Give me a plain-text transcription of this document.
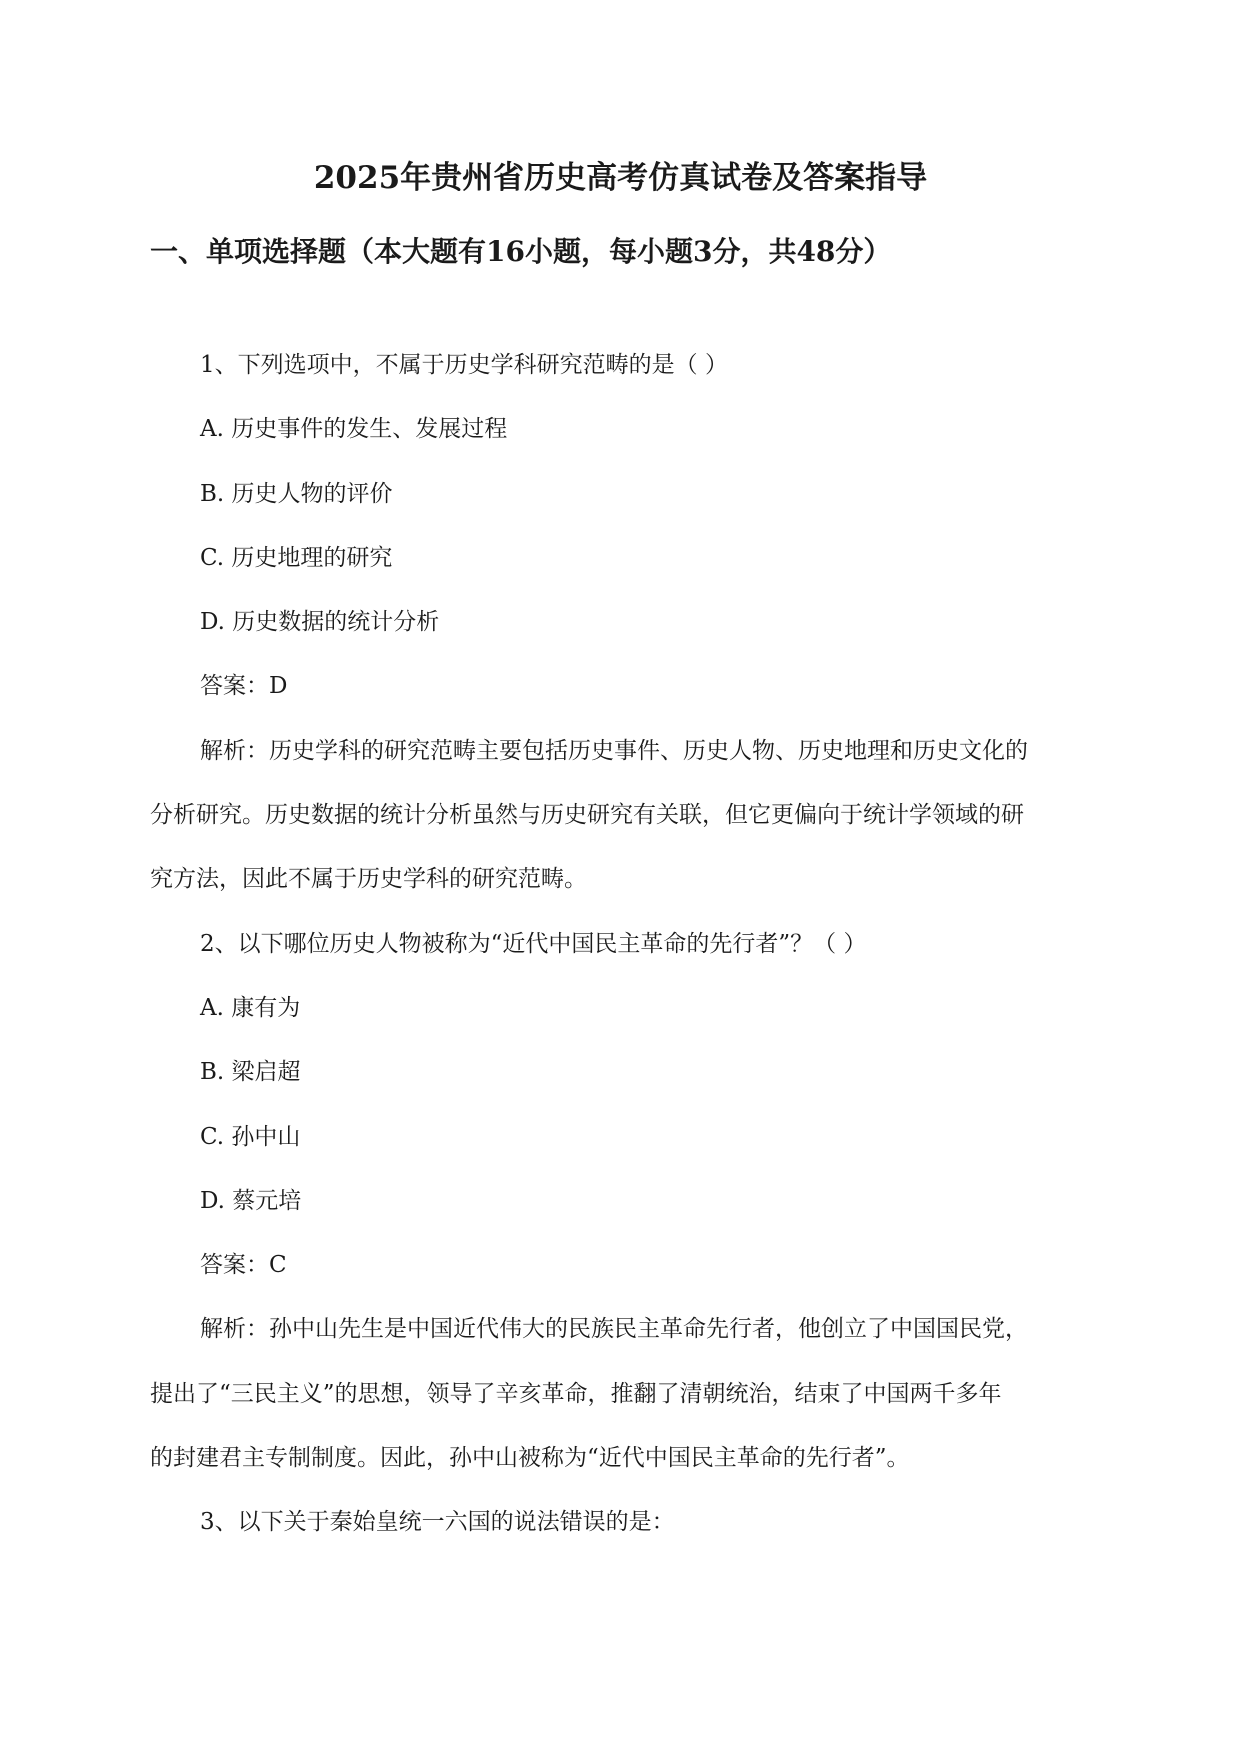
2025年贵州省历史高考仿真试卷及答案指导
一、单项选择题（本大题有16小题，每小题3分，共48分）
1、下列选项中，不属于历史学科研究范畴的是（ ）
A. 历史事件的发生、发展过程
B. 历史人物的评价
C. 历史地理的研究
D. 历史数据的统计分析
答案：D
解析：历史学科的研究范畴主要包括历史事件、历史人物、历史地理和历史文化的
分析研究。历史数据的统计分析虽然与历史研究有关联，但它更偏向于统计学领域的研
究方法，因此不属于历史学科的研究范畴。
2、以下哪位历史人物被称为“近代中国民主革命的先行者”？（ ）
A. 康有为
B. 梁启超
C. 孙中山
D. 蔡元培
答案：C
解析：孙中山先生是中国近代伟大的民族民主革命先行者，他创立了中国国民党，
提出了“三民主义”的思想，领导了辛亥革命，推翻了清朝统治，结束了中国两千多年
的封建君主专制制度。因此，孙中山被称为“近代中国民主革命的先行者”。
3、以下关于秦始皇统一六国的说法错误的是：
